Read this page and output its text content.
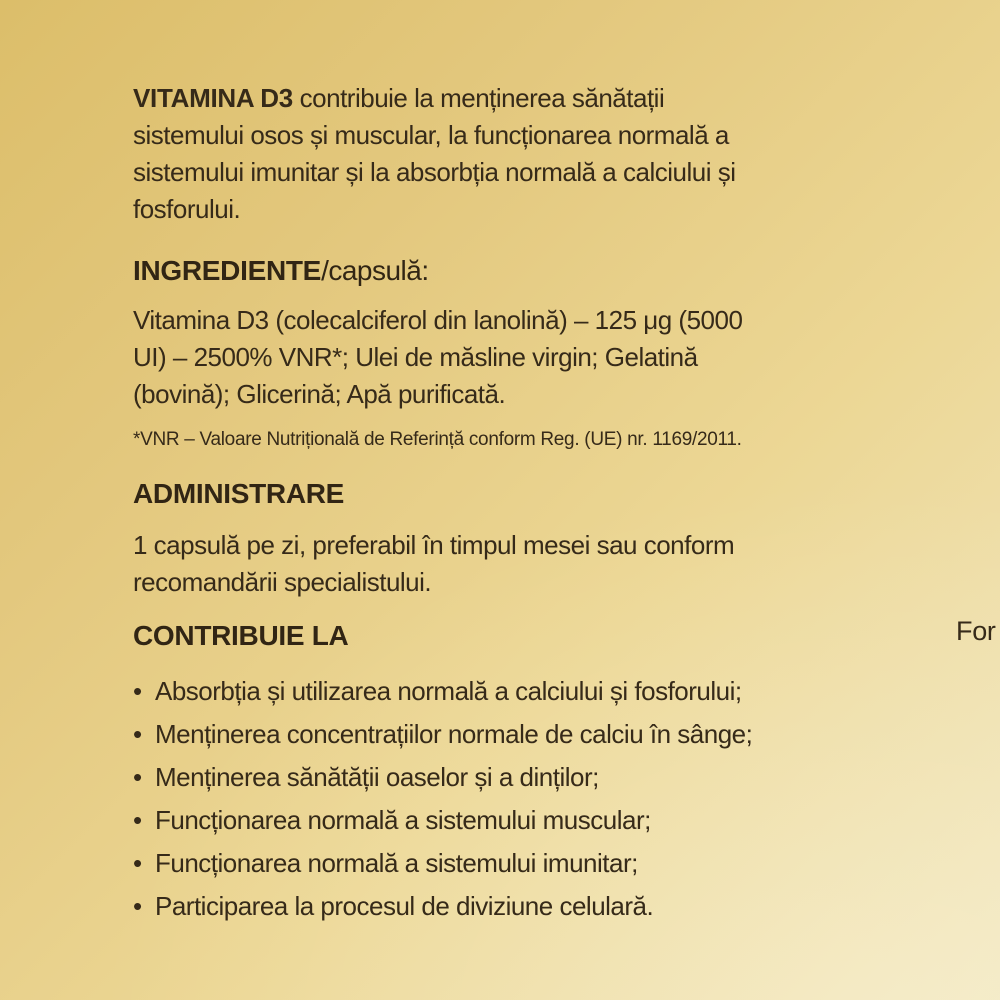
VITAMINA D3 contribuie la menținerea sănătații sistemului osos și muscular, la funcționarea normală a sistemului imunitar și la absorbția normală a calciului și fosforului.

INGREDIENTE/capsulă:

Vitamina D3 (colecalciferol din lanolină) – 125 μg (5000 UI) – 2500% VNR*; Ulei de măsline virgin; Gelatină (bovină); Glicerină; Apă purificată.

*VNR – Valoare Nutrițională de Referință conform Reg. (UE) nr. 1169/2011.

ADMINISTRARE

1 capsulă pe zi, preferabil în timpul mesei sau conform recomandării specialistului.

CONTRIBUIE LA
• Absorbția și utilizarea normală a calciului și fosforului;
• Menținerea concentrațiilor normale de calciu în sânge;
• Menținerea sănătății oaselor și a dinților;
• Funcționarea normală a sistemului muscular;
• Funcționarea normală a sistemului imunitar;
• Participarea la procesul de diviziune celulară.
For
